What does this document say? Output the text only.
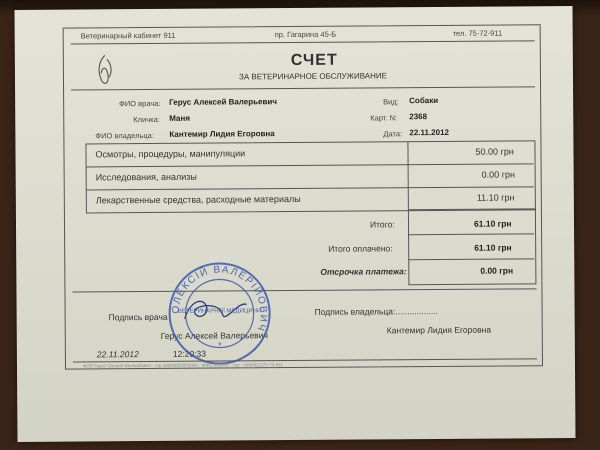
Ветеринарный кабинет 911	пр. Гагарина 45-Б	тел. 75-72-911
СЧЕТ
ЗА ВЕТЕРИНАРНОЕ ОБСЛУЖИВАНИЕ
ФИО врача: Герус Алексей Валерьевич
Кличка: Маня
ФИО владельца: Кантемир Лидия Егоровна
Вид: Собаки
Карт. N: 2368
Дата: 22.11.2012
Осмотры, процедуры, манипуляции	50.00 грн
Исследования, анализы	0.00 грн
Лекарственные средства, расходные материалы	11.10 грн
Итого:	61.10 грн
Итого оплачено:	61.10 грн
Отсрочка платежа:	0.00 грн
Подпись врача
Герус Алексей Валерьевич
Подпись владельца:..................
Кантемир Лидия Егоровна
22.11.2012	12:20:33
ОЛЕКСІЙ ВАЛЕРІЙОВИЧ
ВЕТЕРИНАРНОЇ МЕДИЦИНИ
*
ФОП Герус Олексій Валерійович · п/р 26000000000000 · МФО 000000 · тел. +38(0612)75-72-911
